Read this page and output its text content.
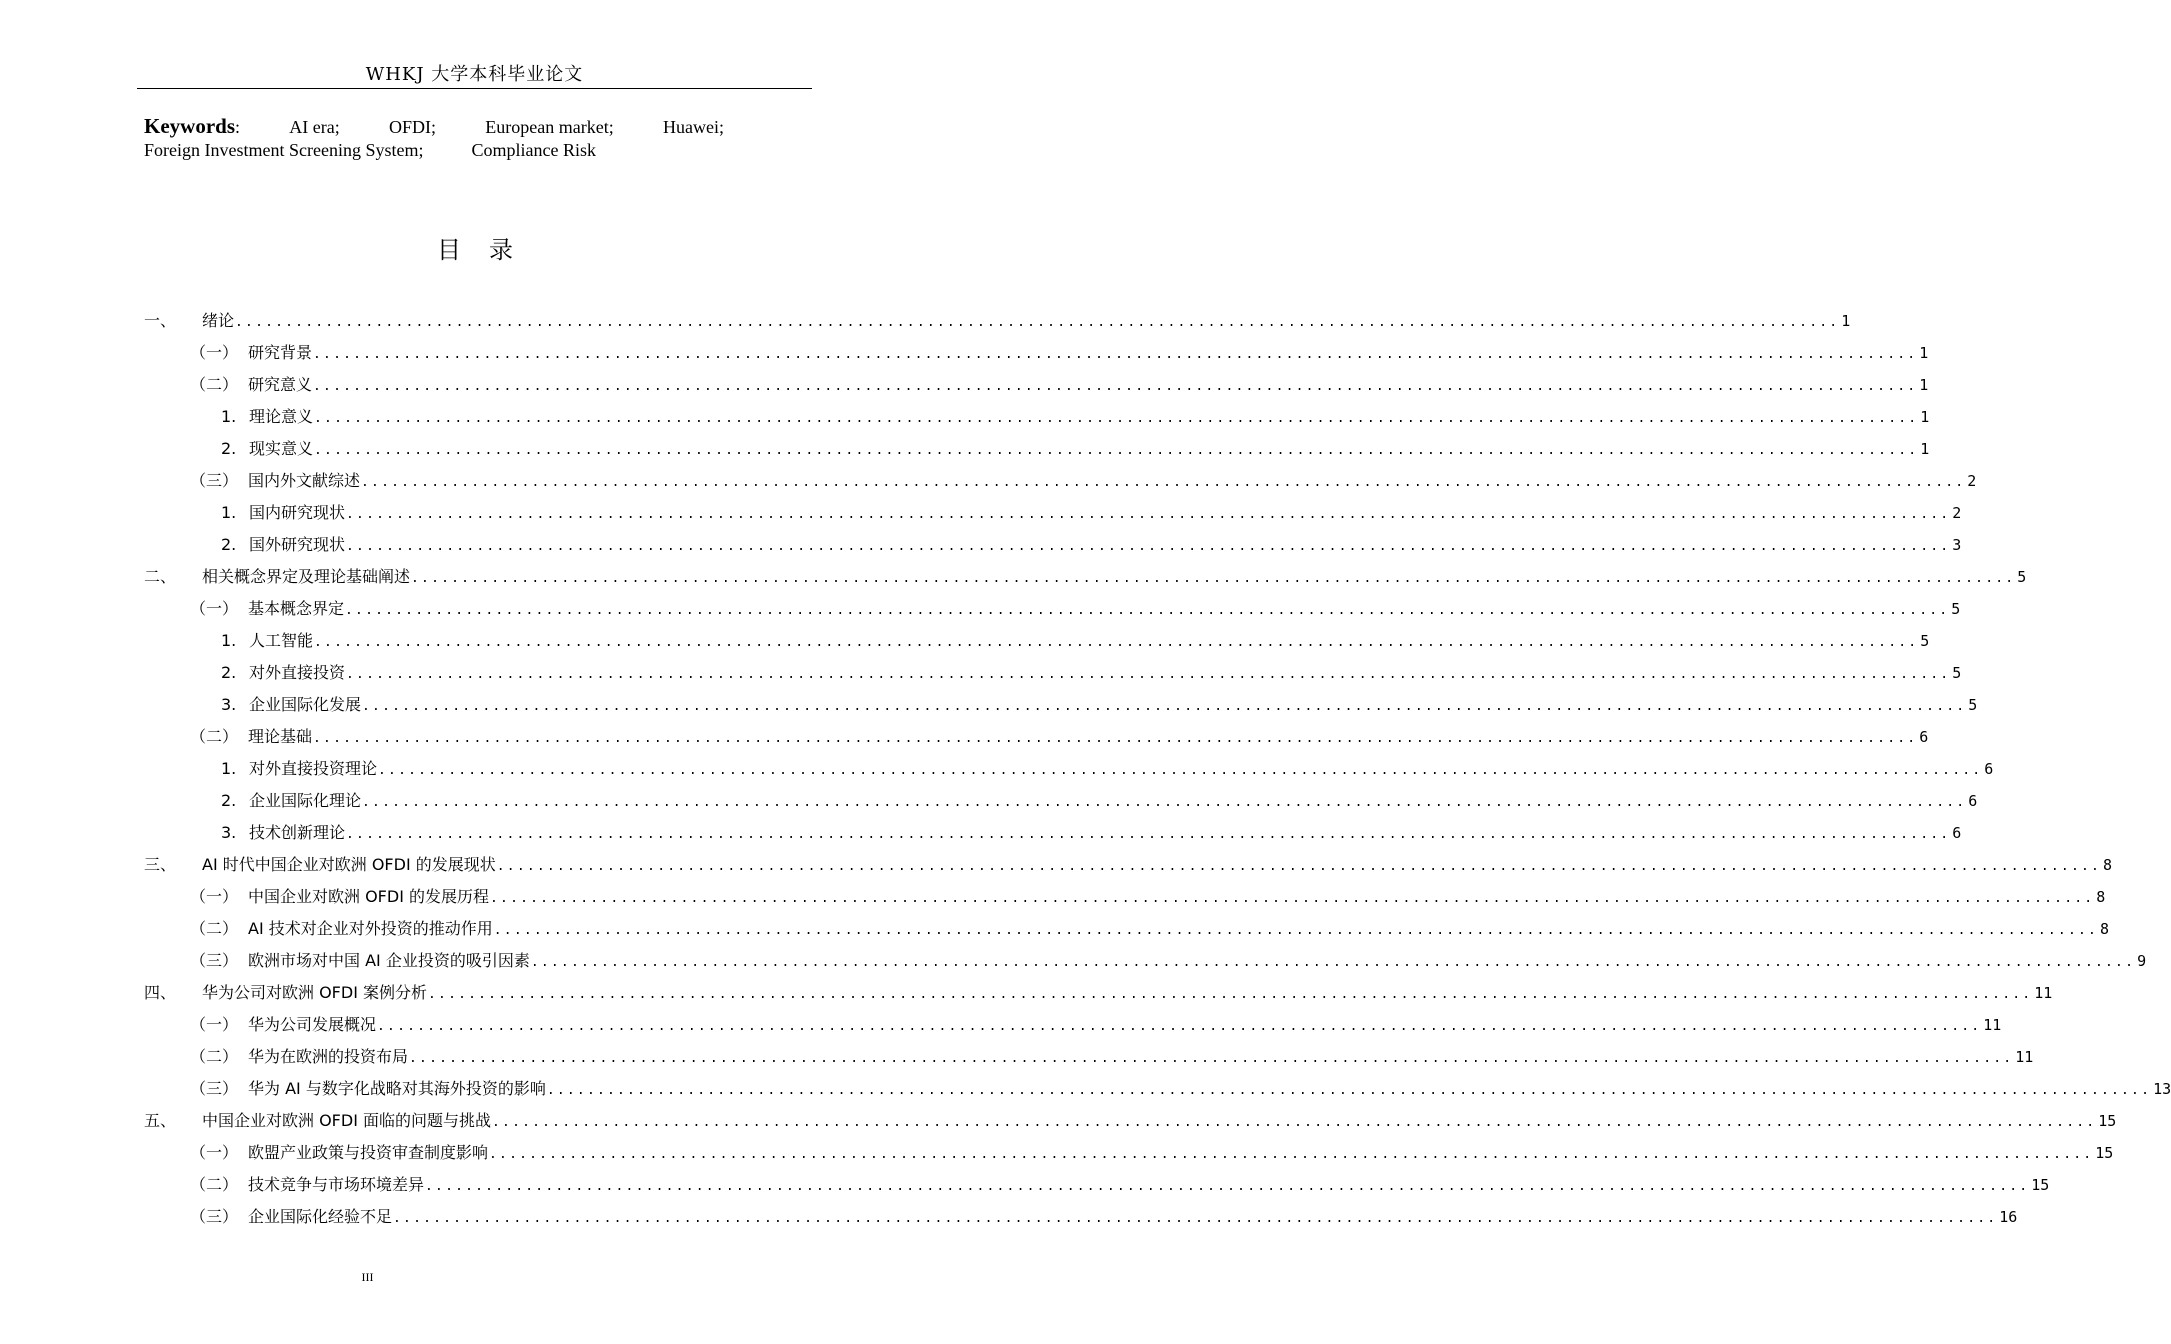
WHKJ 大学本科毕业论文
Keywords:	AI era;	OFDI;	European market;	Huawei;
Foreign Investment Screening System;	Compliance Risk
目录
一、	绪论 ................................................................................................................................................................ 1
（一） 研究背景 ................................................................................................................................................................ 1
（二） 研究意义 ................................................................................................................................................................ 1
1. 理论意义 ................................................................................................................................................................ 1
2. 现实意义 ................................................................................................................................................................ 1
（三） 国内外文献综述 ................................................................................................................................................................ 2
1. 国内研究现状 ................................................................................................................................................................ 2
2. 国外研究现状 ................................................................................................................................................................ 3
二、	相关概念界定及理论基础阐述 ................................................................................................................................................................ 5
（一） 基本概念界定 ................................................................................................................................................................ 5
1. 人工智能 ................................................................................................................................................................ 5
2. 对外直接投资 ................................................................................................................................................................ 5
3. 企业国际化发展 ................................................................................................................................................................ 5
（二） 理论基础 ................................................................................................................................................................ 6
1. 对外直接投资理论 ................................................................................................................................................................ 6
2. 企业国际化理论 ................................................................................................................................................................ 6
3. 技术创新理论 ................................................................................................................................................................ 6
三、	AI 时代中国企业对欧洲 OFDI 的发展现状 ................................................................................................................................................................ 8
（一） 中国企业对欧洲 OFDI 的发展历程 ................................................................................................................................................................ 8
（二） AI 技术对企业对外投资的推动作用 ................................................................................................................................................................ 8
（三） 欧洲市场对中国 AI 企业投资的吸引因素 ................................................................................................................................................................ 9
四、	华为公司对欧洲 OFDI 案例分析 ................................................................................................................................................................ 11
（一） 华为公司发展概况 ................................................................................................................................................................ 11
（二） 华为在欧洲的投资布局 ................................................................................................................................................................ 11
（三） 华为 AI 与数字化战略对其海外投资的影响 ................................................................................................................................................................ 13
五、	中国企业对欧洲 OFDI 面临的问题与挑战 ................................................................................................................................................................ 15
（一） 欧盟产业政策与投资审查制度影响 ................................................................................................................................................................ 15
（二） 技术竞争与市场环境差异 ................................................................................................................................................................ 15
（三） 企业国际化经验不足 ................................................................................................................................................................ 16
III
